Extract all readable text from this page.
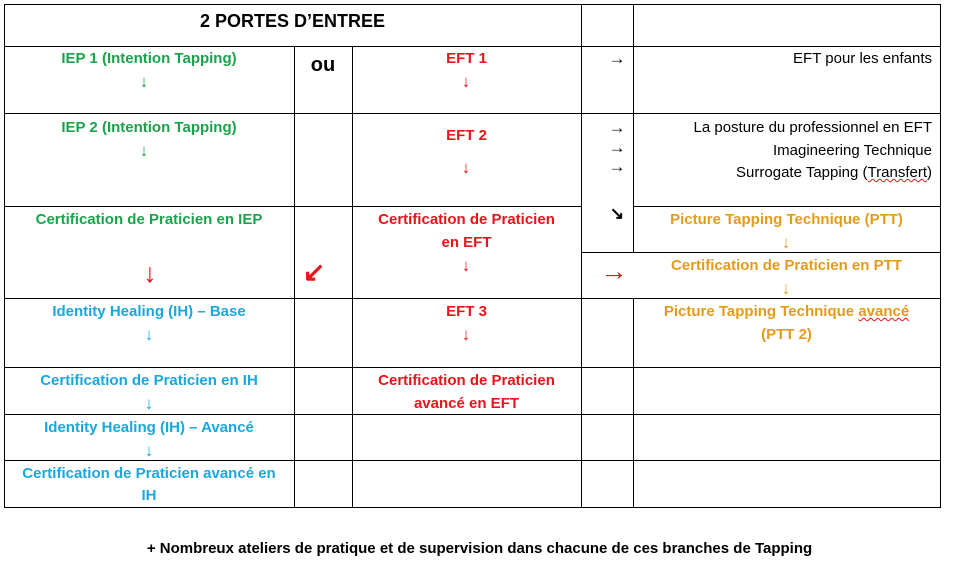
2 PORTES D’ENTREE
IEP 1 (Intention Tapping)
↓
IEP 2 (Intention Tapping)
↓
Certification de Praticien en IEP
↓
Identity Healing (IH) – Base
↓
Certification de Praticien en IH
↓
Identity Healing (IH) – Avancé
↓
Certification de Praticien avancé en
IH
ou
↙
EFT 1
↓
EFT 2
↓
Certification de Praticien
en EFT
↓
EFT 3
↓
Certification de Praticien
avancé en EFT
→
→
→
→
↘
→
EFT pour les enfants
La posture du professionnel en EFT
Imagineering Technique
Surrogate Tapping (Transfert)
Picture Tapping Technique (PTT)
↓
Certification de Praticien en PTT
↓
Picture Tapping Technique avancé
(PTT 2)
+ Nombreux ateliers de pratique et de supervision dans chacune de ces branches de Tapping
